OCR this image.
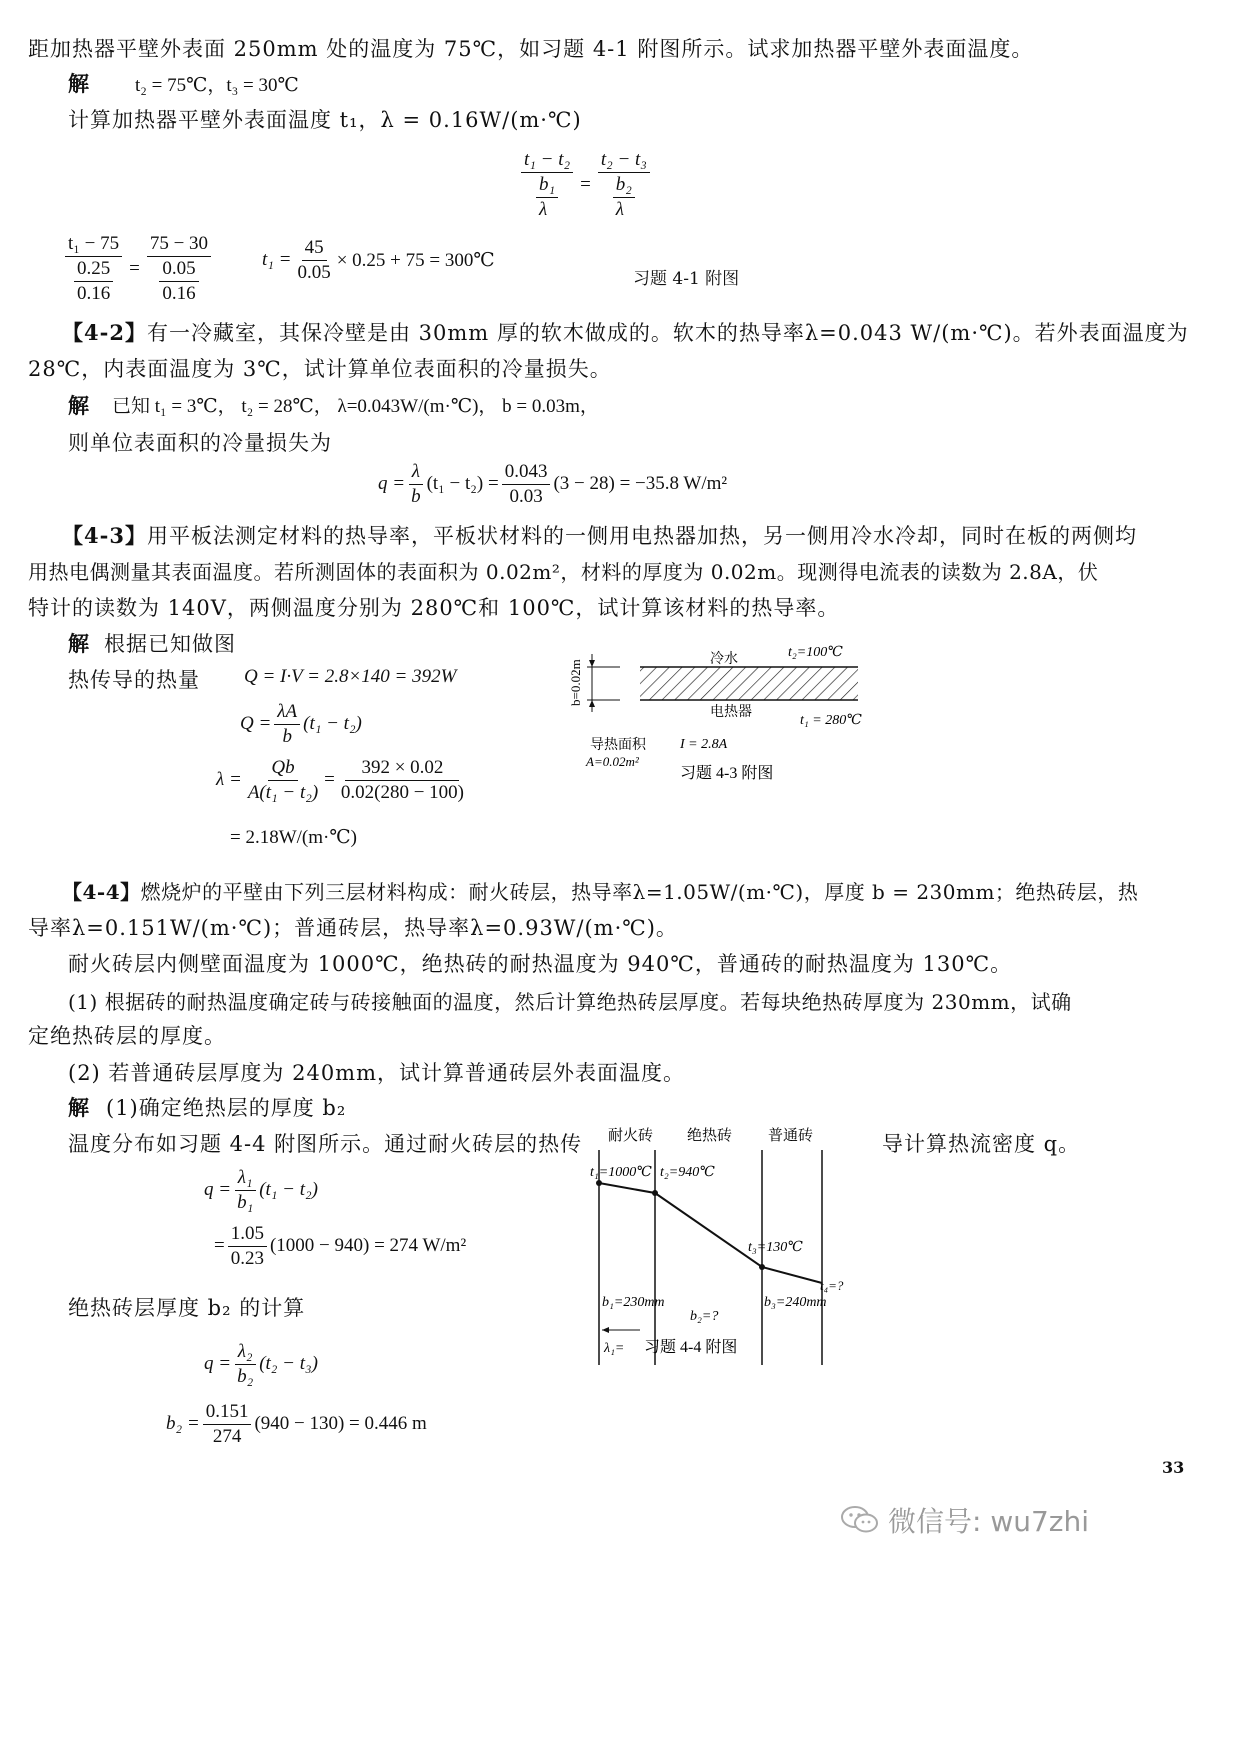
距加热器平壁外表面 250mm 处的温度为 75℃，如习题 4-1 附图所示。试求加热器平壁外表面温度。
解 t₂ = 75℃，t₃ = 30℃
计算加热器平壁外表面温度 t₁，λ = 0.16W/(m·℃)
$\frac{\text{t₁ − t₂}}{\frac{\text{b₁}}{\lambda}} = \frac{\text{t₂ − t₃}}{\frac{\text{b₂}}{\lambda}}$
$\frac{\text{t₁ − 75}}{\frac{0.25}{0.16}} = \frac{75 - 30}{\frac{0.05}{0.16}}$	$t_1 = \frac{45}{0.05} \times 0.25 + 75$ = 300℃
习题 4-1 附图
【4-2】有一冷藏室，其保冷壁是由 30mm 厚的软木做成的。软木的热导率λ=0.043 W/(m·℃)。若外表面温度为
28℃，内表面温度为 3℃，试计算单位表面积的冷量损失。
解 已知 t₁ = 3℃， t₂ = 28℃， λ=0.043W/(m·℃)， b = 0.03m，
则单位表面积的冷量损失为
$q = \frac{\lambda}{b} (t_1 - t_2) = \frac{0.043}{0.03} (3 - 28) = -35.8$ W/m²
【4-3】用平板法测定材料的热导率，平板状材料的一侧用电热器加热，另一侧用冷水冷却，同时在板的两侧均
用热电偶测量其表面温度。若所测固体的表面积为 0.02m²，材料的厚度为 0.02m。现测得电流表的读数为 2.8A，伏
特计的读数为 140V，两侧温度分别为 280℃和 100℃，试计算该材料的热导率。
解 根据已知做图
热传导的热量 Q = I·V = 2.8×140 = 392W
$Q = \frac{\lambda A}{b} (t_1 - t_2)$
$\lambda = \frac{Qb}{\text{A(t₁ − t₂)}} = \frac{392 \times 0.02}{0.02(280 - 100)}$
= 2.18W/(m·℃)
b=0.02m	冷水	t₂=100℃
电热器
t₁ = 280℃
导热面积
A=0.02m²
I = 2.8A
习题 4-3 附图
【4-4】燃烧炉的平壁由下列三层材料构成：耐火砖层，热导率λ=1.05W/(m·℃)，厚度 b = 230mm；绝热砖层，热
导率λ=0.151W/(m·℃)；普通砖层，热导率λ=0.93W/(m·℃)。
耐火砖层内侧壁面温度为 1000℃，绝热砖的耐热温度为 940℃，普通砖的耐热温度为 130℃。
(1) 根据砖的耐热温度确定砖与砖接触面的温度，然后计算绝热砖层厚度。若每块绝热砖厚度为 230mm，试确
定绝热砖层的厚度。
(2) 若普通砖层厚度为 240mm，试计算普通砖层外表面温度。
解 (1)确定绝热层的厚度 b₂
温度分布如习题 4-4 附图所示。通过耐火砖层的热传	导计算热流密度 q。
$q = \frac{\text{λ₁}}{\text{b₁}} (t_1 - t_2)$
= $\frac{1.05}{0.23} (1000 - 940) = 274$ W/m²
绝热砖层厚度 b₂ 的计算
$q = \frac{\text{λ₂}}{\text{b₂}} (t_2 - t_3)$
$b_2 = \frac{0.151}{274} (940 - 130) = 0.446$ m
耐火砖 绝热砖 普通砖
t₁=1000℃ t₂=940℃
t₃=130℃
t₄=?
b₁=230mm
b₂=?
b₃=240mm
λ₁= 习题 4-4 附图
33
微信号: wu7zhi
